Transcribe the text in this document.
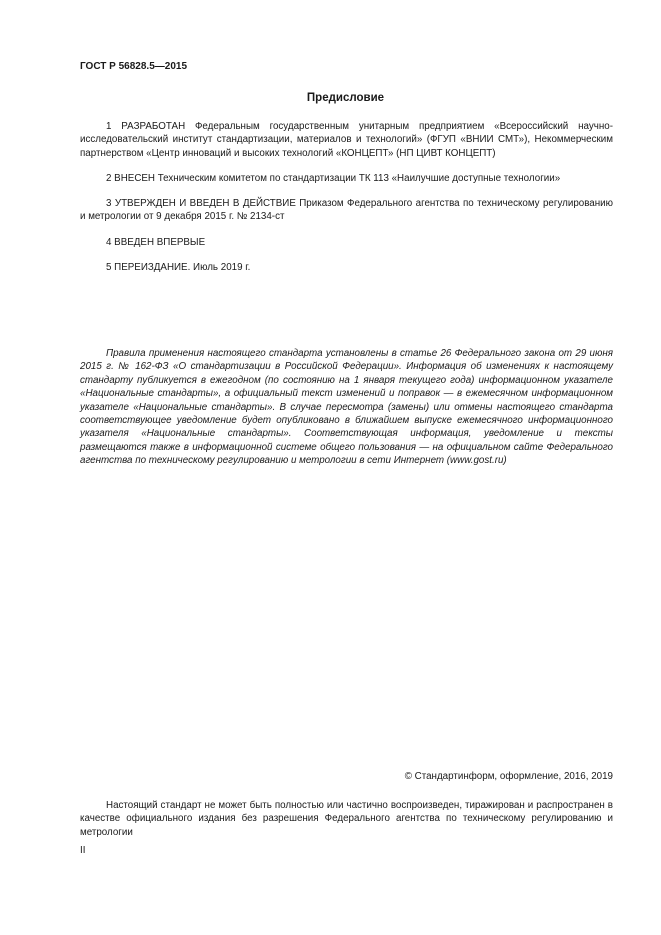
ГОСТ Р 56828.5—2015
Предисловие

1 РАЗРАБОТАН Федеральным государственным унитарным предприятием «Всероссийский научно-исследовательский институт стандартизации, материалов и технологий» (ФГУП «ВНИИ СМТ»), Некоммерческим партнерством «Центр инноваций и высоких технологий «КОНЦЕПТ» (НП ЦИВТ КОНЦЕПТ)

2 ВНЕСЕН Техническим комитетом по стандартизации ТК 113 «Наилучшие доступные технологии»

3 УТВЕРЖДЕН И ВВЕДЕН В ДЕЙСТВИЕ Приказом Федерального агентства по техническому регулированию и метрологии от 9 декабря 2015 г. № 2134-ст

4 ВВЕДЕН ВПЕРВЫЕ

5 ПЕРЕИЗДАНИЕ. Июль 2019 г.

Правила применения настоящего стандарта установлены в статье 26 Федерального закона от 29 июня 2015 г. № 162-ФЗ «О стандартизации в Российской Федерации». Информация об изменениях к настоящему стандарту публикуется в ежегодном (по состоянию на 1 января текущего года) информационном указателе «Национальные стандарты», а официальный текст изменений и поправок — в ежемесячном информационном указателе «Национальные стандарты». В случае пересмотра (замены) или отмены настоящего стандарта соответствующее уведомление будет опубликовано в ближайшем выпуске ежемесячного информационного указателя «Национальные стандарты». Соответствующая информация, уведомление и тексты размещаются также в информационной системе общего пользования — на официальном сайте Федерального агентства по техническому регулированию и метрологии в сети Интернет (www.gost.ru)

© Стандартинформ, оформление, 2016, 2019

Настоящий стандарт не может быть полностью или частично воспроизведен, тиражирован и распространен в качестве официального издания без разрешения Федерального агентства по техническому регулированию и метрологии

II
